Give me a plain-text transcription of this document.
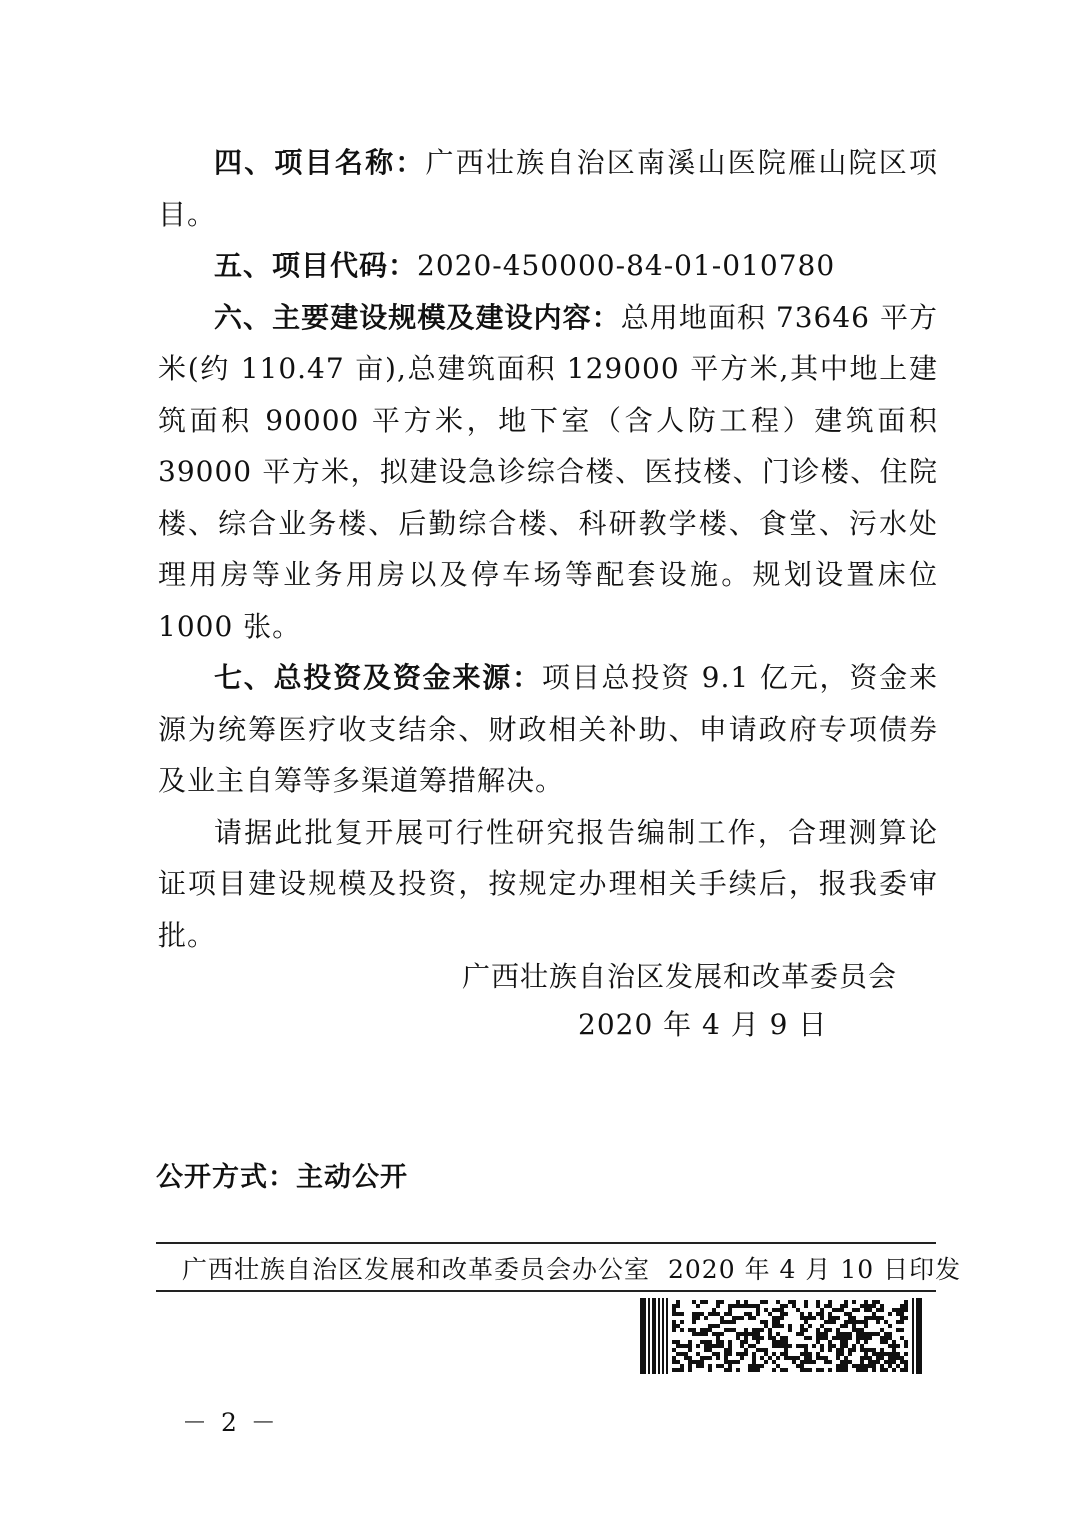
四、项目名称：广西壮族自治区南溪山医院雁山院区项目。

五、项目代码：2020-450000-84-01-010780

六、主要建设规模及建设内容：总用地面积 73646 平方米(约 110.47 亩),总建筑面积 129000 平方米,其中地上建筑面积 90000 平方米，地下室（含人防工程）建筑面积 39000 平方米，拟建设急诊综合楼、医技楼、门诊楼、住院楼、综合业务楼、后勤综合楼、科研教学楼、食堂、污水处理用房等业务用房以及停车场等配套设施。规划设置床位 1000 张。

七、总投资及资金来源：项目总投资 9.1 亿元，资金来源为统筹医疗收支结余、财政相关补助、申请政府专项债券及业主自筹等多渠道筹措解决。

请据此批复开展可行性研究报告编制工作，合理测算论证项目建设规模及投资，按规定办理相关手续后，报我委审批。

广西壮族自治区发展和改革委员会
2020 年 4 月 9 日
公开方式：主动公开
广西壮族自治区发展和改革委员会办公室 2020 年 4 月 10 日印发
－ 2 －
